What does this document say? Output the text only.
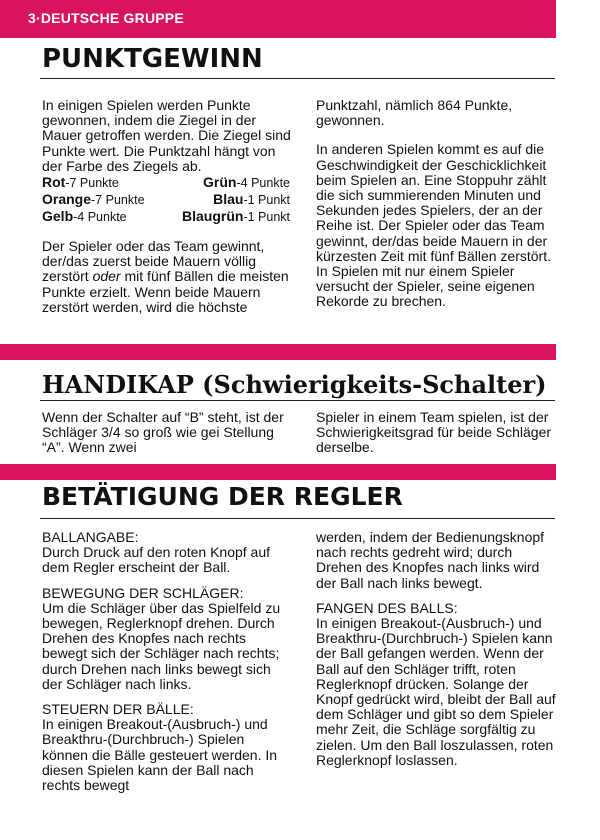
3·DEUTSCHE GRUPPE
PUNKTGEWINN

In einigen Spielen werden Punkte gewonnen, indem die Ziegel in der Mauer getroffen werden. Die Ziegel sind Punkte wert. Die Punktzahl hängt von der Farbe des Ziegels ab.

Rot-7 Punkte	Grün-4 Punkte
Orange-7 Punkte	Blau-1 Punkt
Gelb-4 Punkte	Blaugrün-1 Punkt

Der Spieler oder das Team gewinnt, der/das zuerst beide Mauern völlig zerstört oder mit fünf Bällen die meisten Punkte erzielt. Wenn beide Mauern zerstört werden, wird die höchste

Punktzahl, nämlich 864 Punkte, gewonnen.

In anderen Spielen kommt es auf die Geschwindigkeit der Geschicklichkeit beim Spielen an. Eine Stoppuhr zählt die sich summierenden Minuten und Sekunden jedes Spielers, der an der Reihe ist. Der Spieler oder das Team gewinnt, der/das beide Mauern in der kürzesten Zeit mit fünf Bällen zerstört. In Spielen mit nur einem Spieler versucht der Spieler, seine eigenen Rekorde zu brechen.

HANDIKAP (Schwierigkeits-Schalter)

Wenn der Schalter auf “B” steht, ist der Schläger 3/4 so groß wie gei Stellung “A”. Wenn zwei

Spieler in einem Team spielen, ist der Schwierigkeitsgrad für beide Schläger derselbe.

BETÄTIGUNG DER REGLER

BALLANGABE:

Durch Druck auf den roten Knopf auf dem Regler erscheint der Ball.

BEWEGUNG DER SCHLÄGER:

Um die Schläger über das Spielfeld zu bewegen, Reglerknopf drehen. Durch Drehen des Knopfes nach rechts bewegt sich der Schläger nach rechts; durch Drehen nach links bewegt sich der Schläger nach links.

STEUERN DER BÄLLE:

In einigen Breakout-(Ausbruch-) und Breakthru-(Durchbruch-) Spielen können die Bälle gesteuert werden. In diesen Spielen kann der Ball nach rechts bewegt

werden, indem der Bedienungsknopf nach rechts gedreht wird; durch Drehen des Knopfes nach links wird der Ball nach links bewegt.

FANGEN DES BALLS:

In einigen Breakout-(Ausbruch-) und Breakthru-(Durchbruch-) Spielen kann der Ball gefangen werden. Wenn der Ball auf den Schläger trifft, roten Reglerknopf drücken. Solange der Knopf gedrückt wird, bleibt der Ball auf dem Schläger und gibt so dem Spieler mehr Zeit, die Schläge sorgfältig zu zielen. Um den Ball loszulassen, roten Reglerknopf loslassen.
